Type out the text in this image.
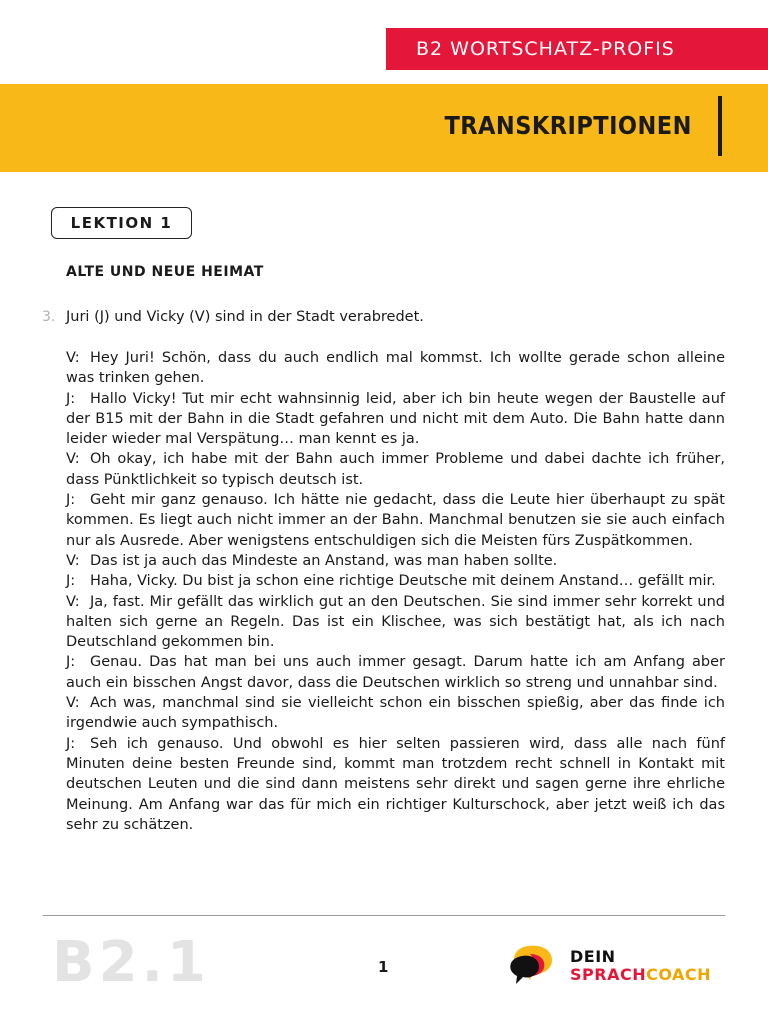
B2 WORTSCHATZ-PROFIS
TRANSKRIPTIONEN
LEKTION 1
ALTE UND NEUE HEIMAT
3. Juri (J) und Vicky (V) sind in der Stadt verabredet.

V: Hey Juri! Schön, dass du auch endlich mal kommst. Ich wollte gerade schon alleine was trinken gehen.

J: Hallo Vicky! Tut mir echt wahnsinnig leid, aber ich bin heute wegen der Baustelle auf der B15 mit der Bahn in die Stadt gefahren und nicht mit dem Auto. Die Bahn hatte dann leider wieder mal Verspätung… man kennt es ja.

V: Oh okay, ich habe mit der Bahn auch immer Probleme und dabei dachte ich früher, dass Pünktlichkeit so typisch deutsch ist.

J: Geht mir ganz genauso. Ich hätte nie gedacht, dass die Leute hier überhaupt zu spät kommen. Es liegt auch nicht immer an der Bahn. Manchmal benutzen sie sie auch einfach nur als Ausrede. Aber wenigstens entschuldigen sich die Meisten fürs Zuspätkommen.

V: Das ist ja auch das Mindeste an Anstand, was man haben sollte.

J: Haha, Vicky. Du bist ja schon eine richtige Deutsche mit deinem Anstand… gefällt mir.

V: Ja, fast. Mir gefällt das wirklich gut an den Deutschen. Sie sind immer sehr korrekt und halten sich gerne an Regeln. Das ist ein Klischee, was sich bestätigt hat, als ich nach Deutschland gekommen bin.

J: Genau. Das hat man bei uns auch immer gesagt. Darum hatte ich am Anfang aber auch ein bisschen Angst davor, dass die Deutschen wirklich so streng und unnahbar sind.

V: Ach was, manchmal sind sie vielleicht schon ein bisschen spießig, aber das finde ich irgendwie auch sympathisch.

J: Seh ich genauso. Und obwohl es hier selten passieren wird, dass alle nach fünf Minuten deine besten Freunde sind, kommt man trotzdem recht schnell in Kontakt mit deutschen Leuten und die sind dann meistens sehr direkt und sagen gerne ihre ehrliche Meinung. Am Anfang war das für mich ein richtiger Kulturschock, aber jetzt weiß ich das sehr zu schätzen.

B2.1	1
DEIN
SPRACHCOACH
